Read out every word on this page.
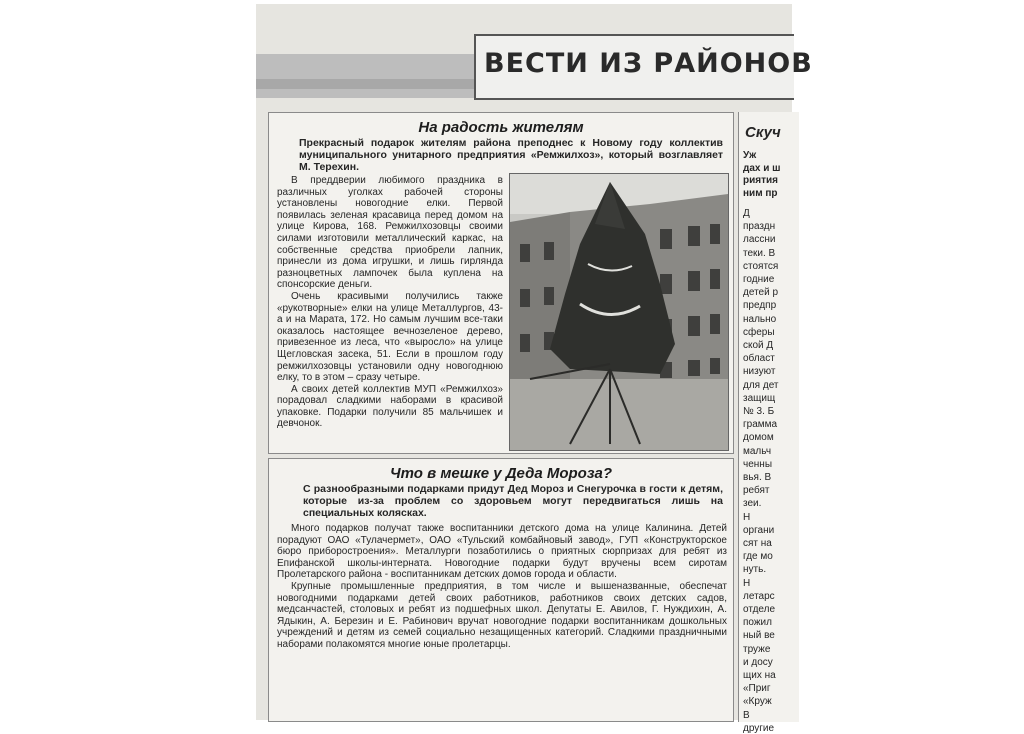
ВЕСТИ ИЗ РАЙОНОВ
На радость жителям
Прекрасный подарок жителям района преподнес к Новому году коллектив муниципального унитарного предприятия «Ремжилхоз», который возглавляет М. Терехин.

В преддверии любимого праздника в различных уголках рабочей стороны установлены новогодние елки. Первой появилась зеленая красавица перед домом на улице Кирова, 168. Ремжилхозовцы своими силами изготовили металлический каркас, на собственные средства приобрели лапник, принесли из дома игрушки, и лишь гирлянда разноцветных лампочек была куплена на спонсорские деньги.

Очень красивыми получились также «рукотворные» елки на улице Металлургов, 43-а и на Марата, 172. Но самым лучшим все-таки оказалось настоящее вечнозеленое дерево, привезенное из леса, что «выросло» на улице Щегловская засека, 51. Если в прошлом году ремжилхозовцы установили одну новогоднюю елку, то в этом – сразу четыре.

А своих детей коллектив МУП «Ремжилхоз» порадовал сладкими наборами в красивой упаковке. Подарки получили 85 мальчишек и девчонок.

Что в мешке у Деда Мороза?
С разнообразными подарками придут Дед Мороз и Снегурочка в гости к детям, которые из-за проблем со здоровьем могут передвигаться лишь на специальных колясках.

Много подарков получат также воспитанники детского дома на улице Калинина. Детей порадуют ОАО «Тулачермет», ОАО «Тульский комбайновый завод», ГУП «Конструкторское бюро приборостроения». Металлурги позаботились о приятных сюрпризах для ребят из Епифанской школы-интерната. Новогодние подарки будут вручены всем сиротам Пролетарского района - воспитанникам детских домов города и области.

Крупные промышленные предприятия, в том числе и вышеназванные, обеспечат новогодними подарками детей своих работников, работников своих детских садов, медсанчастей, столовых и ребят из подшефных школ. Депутаты Е. Авилов, Г. Нуждихин, А. Ядыкин, А. Березин и Е. Рабинович вручат новогодние подарки воспитанникам дошкольных учреждений и детям из семей социально незащищенных категорий. Сладкими праздничными наборами полакомятся многие юные пролетарцы.

Скуч
Уж
дах и ш
риятия
ним пр
Д
праздн
лассни
теки. В
стоятся
годние
детей р
предпр
нально
сферы
ской Д
област
низуют
для дет
защищ
№ 3. Б
грамма
домом
мальч
ченны
вья. В
ребят
зеи.
Н
органи
сят на
где мо
нуть.
Н
летарс
отделе
пожил
ный ве
труже
и досу
щих на
«Приг
«Круж
В
другие
